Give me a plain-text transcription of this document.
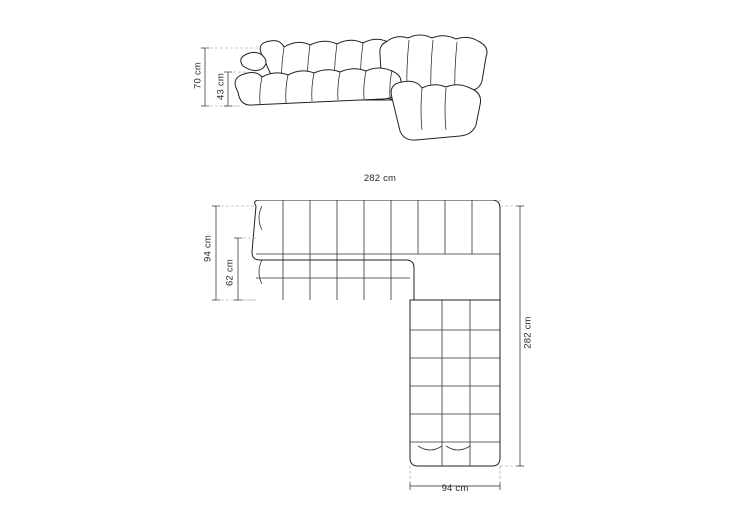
70 cm 43 cm
282 cm
94 cm
62 cm
282 cm
94 cm
